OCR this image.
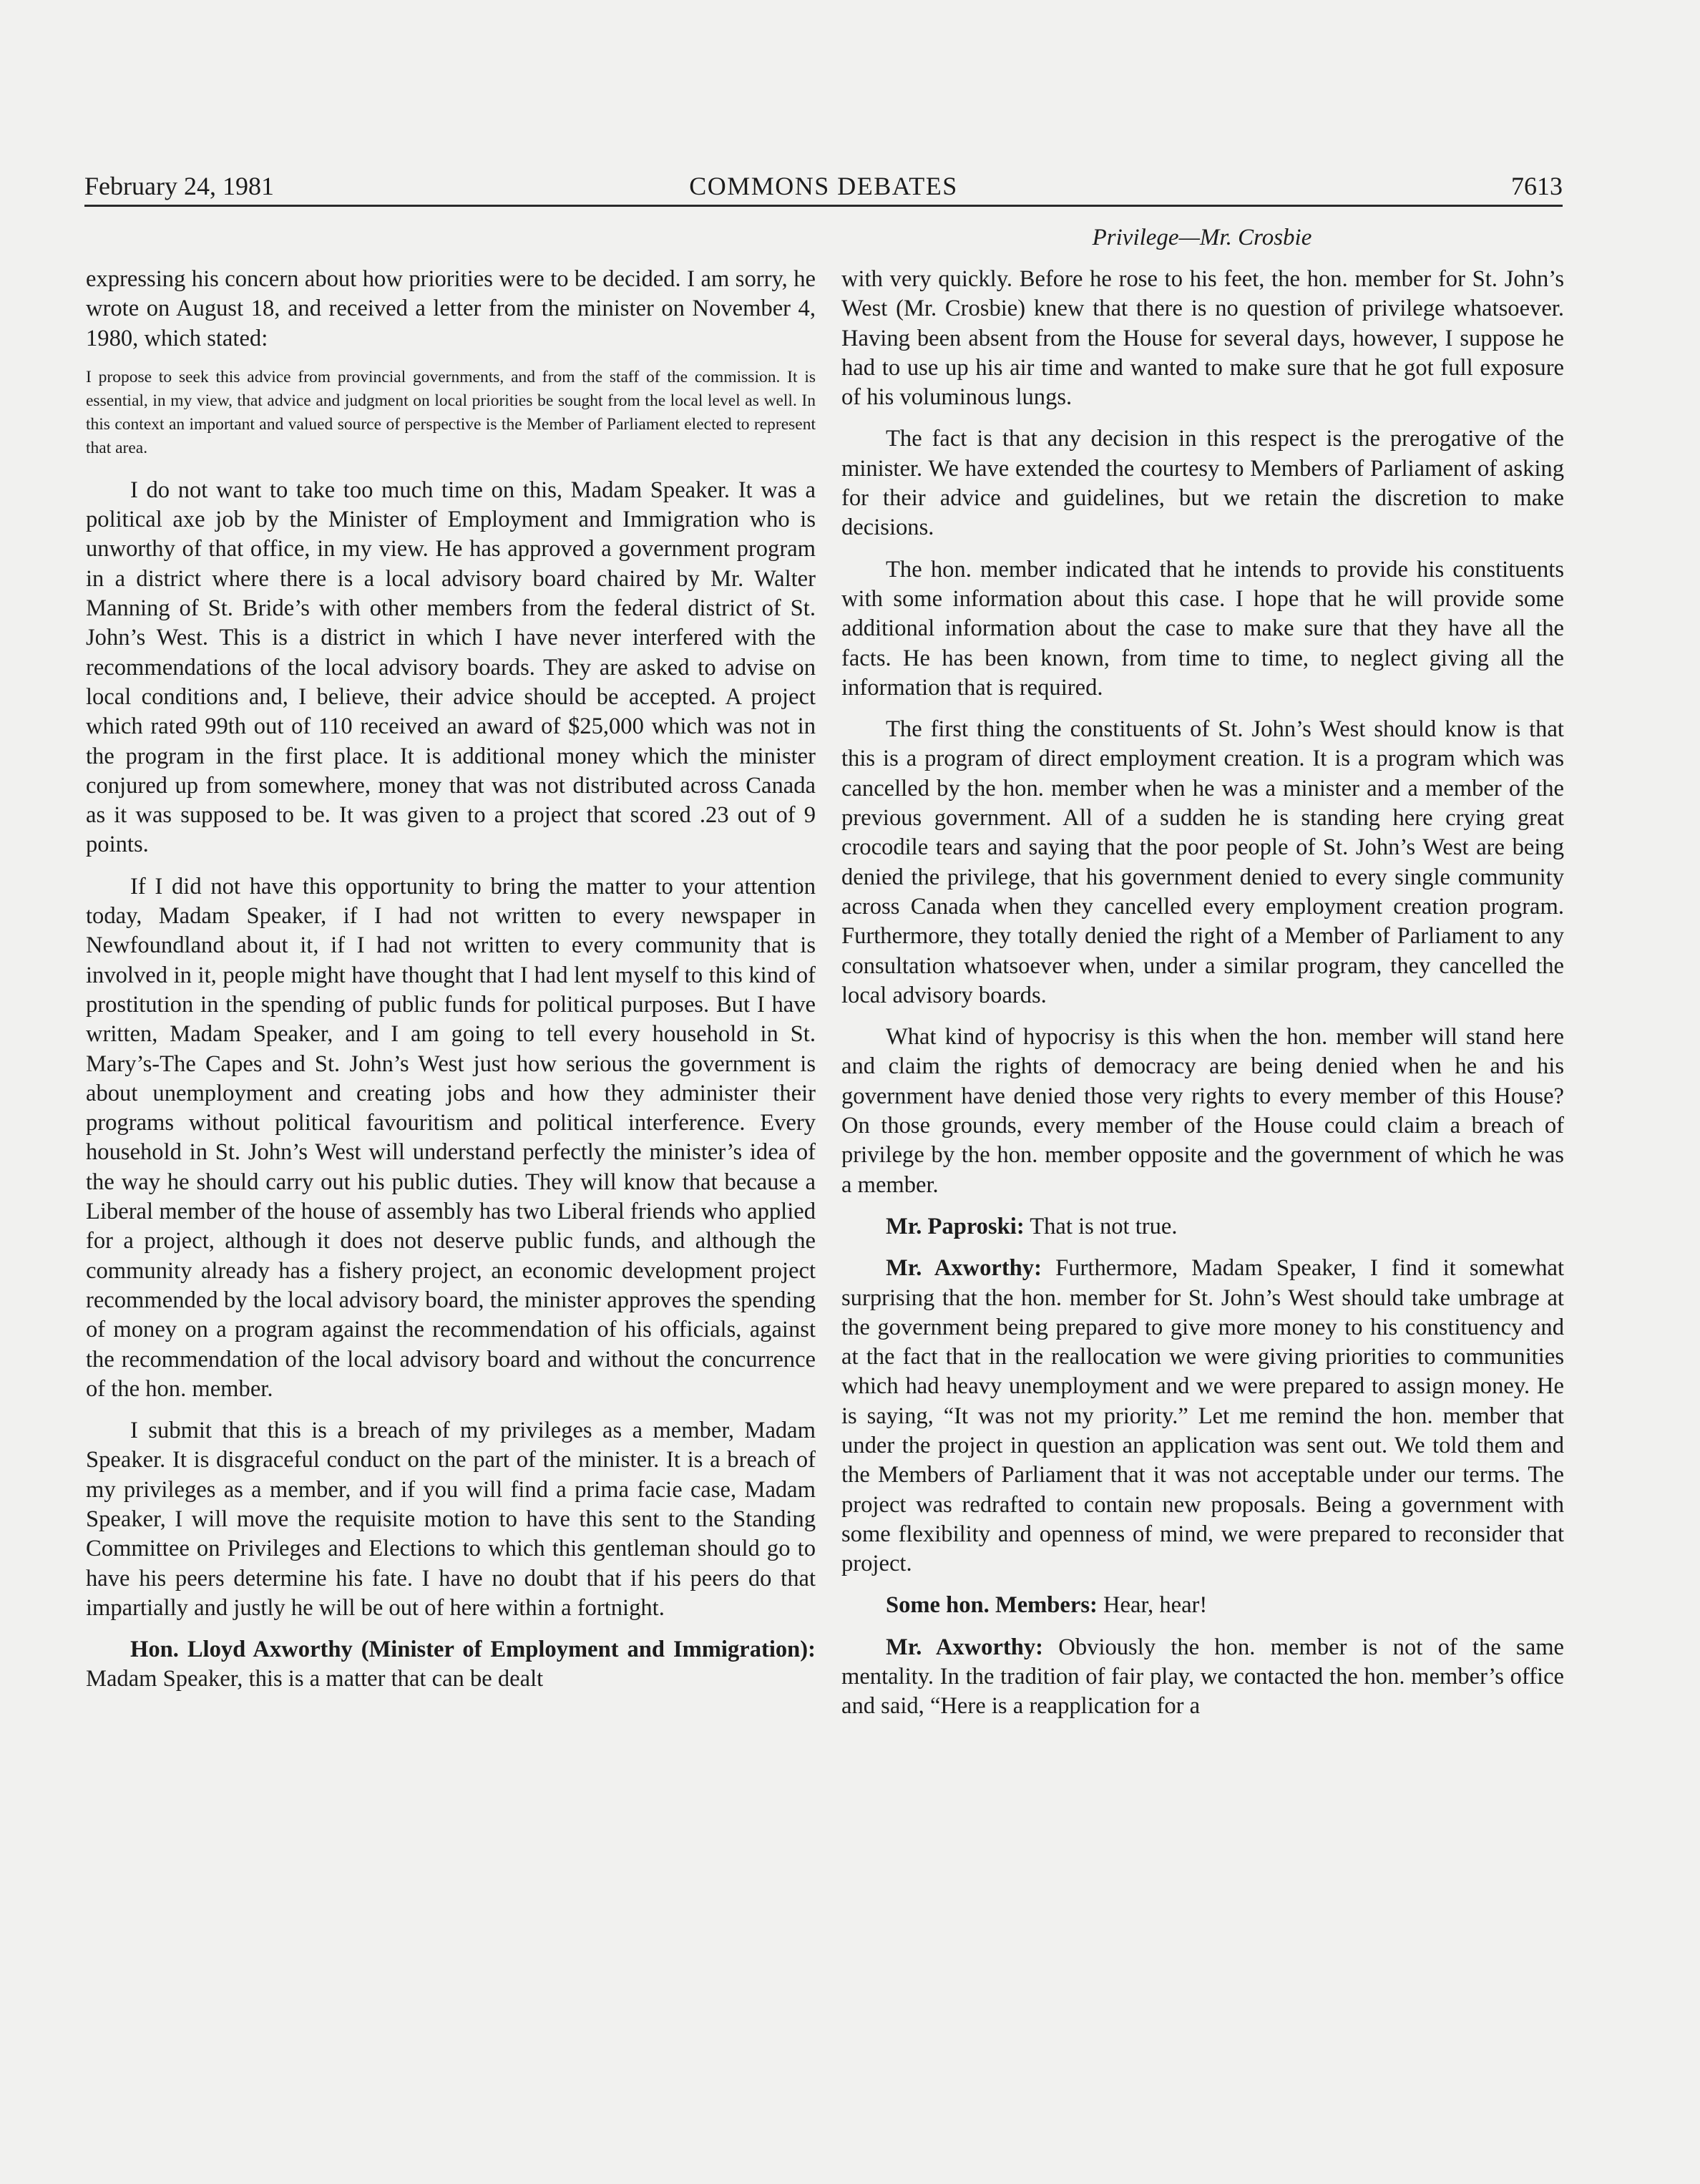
February 24, 1981	COMMONS DEBATES	7613
Privilege—Mr. Crosbie

expressing his concern about how priorities were to be decided. I am sorry, he wrote on August 18, and received a letter from the minister on November 4, 1980, which stated:

I propose to seek this advice from provincial governments, and from the staff of the commission. It is essential, in my view, that advice and judgment on local priorities be sought from the local level as well. In this context an important and valued source of perspective is the Member of Parliament elected to represent that area.

I do not want to take too much time on this, Madam Speaker. It was a political axe job by the Minister of Employment and Immigration who is unworthy of that office, in my view. He has approved a government program in a district where there is a local advisory board chaired by Mr. Walter Manning of St. Bride’s with other members from the federal district of St. John’s West. This is a district in which I have never interfered with the recommendations of the local advisory boards. They are asked to advise on local conditions and, I believe, their advice should be accepted. A project which rated 99th out of 110 received an award of $25,000 which was not in the program in the first place. It is additional money which the minister conjured up from somewhere, money that was not distributed across Canada as it was supposed to be. It was given to a project that scored .23 out of 9 points.

If I did not have this opportunity to bring the matter to your attention today, Madam Speaker, if I had not written to every newspaper in Newfoundland about it, if I had not written to every community that is involved in it, people might have thought that I had lent myself to this kind of prostitution in the spending of public funds for political purposes. But I have written, Madam Speaker, and I am going to tell every household in St. Mary’s-The Capes and St. John’s West just how serious the government is about unemployment and creating jobs and how they administer their programs without political favouritism and political interference. Every household in St. John’s West will understand perfectly the minister’s idea of the way he should carry out his public duties. They will know that because a Liberal member of the house of assembly has two Liberal friends who applied for a project, although it does not deserve public funds, and although the community already has a fishery project, an economic development project recommended by the local advisory board, the minister approves the spending of money on a program against the recommendation of his officials, against the recommendation of the local advisory board and without the concurrence of the hon. member.

I submit that this is a breach of my privileges as a member, Madam Speaker. It is disgraceful conduct on the part of the minister. It is a breach of my privileges as a member, and if you will find a prima facie case, Madam Speaker, I will move the requisite motion to have this sent to the Standing Committee on Privileges and Elections to which this gentleman should go to have his peers determine his fate. I have no doubt that if his peers do that impartially and justly he will be out of here within a fortnight.

Hon. Lloyd Axworthy (Minister of Employment and Immigration): Madam Speaker, this is a matter that can be dealt

with very quickly. Before he rose to his feet, the hon. member for St. John’s West (Mr. Crosbie) knew that there is no question of privilege whatsoever. Having been absent from the House for several days, however, I suppose he had to use up his air time and wanted to make sure that he got full exposure of his voluminous lungs.

The fact is that any decision in this respect is the prerogative of the minister. We have extended the courtesy to Members of Parliament of asking for their advice and guidelines, but we retain the discretion to make decisions.

The hon. member indicated that he intends to provide his constituents with some information about this case. I hope that he will provide some additional information about the case to make sure that they have all the facts. He has been known, from time to time, to neglect giving all the information that is required.

The first thing the constituents of St. John’s West should know is that this is a program of direct employment creation. It is a program which was cancelled by the hon. member when he was a minister and a member of the previous government. All of a sudden he is standing here crying great crocodile tears and saying that the poor people of St. John’s West are being denied the privilege, that his government denied to every single community across Canada when they cancelled every employment creation program. Furthermore, they totally denied the right of a Member of Parliament to any consultation whatsoever when, under a similar program, they cancelled the local advisory boards.

What kind of hypocrisy is this when the hon. member will stand here and claim the rights of democracy are being denied when he and his government have denied those very rights to every member of this House? On those grounds, every member of the House could claim a breach of privilege by the hon. member opposite and the government of which he was a member.

Mr. Paproski: That is not true.

Mr. Axworthy: Furthermore, Madam Speaker, I find it somewhat surprising that the hon. member for St. John’s West should take umbrage at the government being prepared to give more money to his constituency and at the fact that in the reallocation we were giving priorities to communities which had heavy unemployment and we were prepared to assign money. He is saying, “It was not my priority.” Let me remind the hon. member that under the project in question an application was sent out. We told them and the Members of Parliament that it was not acceptable under our terms. The project was redrafted to contain new proposals. Being a government with some flexibility and openness of mind, we were prepared to reconsider that project.

Some hon. Members: Hear, hear!

Mr. Axworthy: Obviously the hon. member is not of the same mentality. In the tradition of fair play, we contacted the hon. member’s office and said, “Here is a reapplication for a
